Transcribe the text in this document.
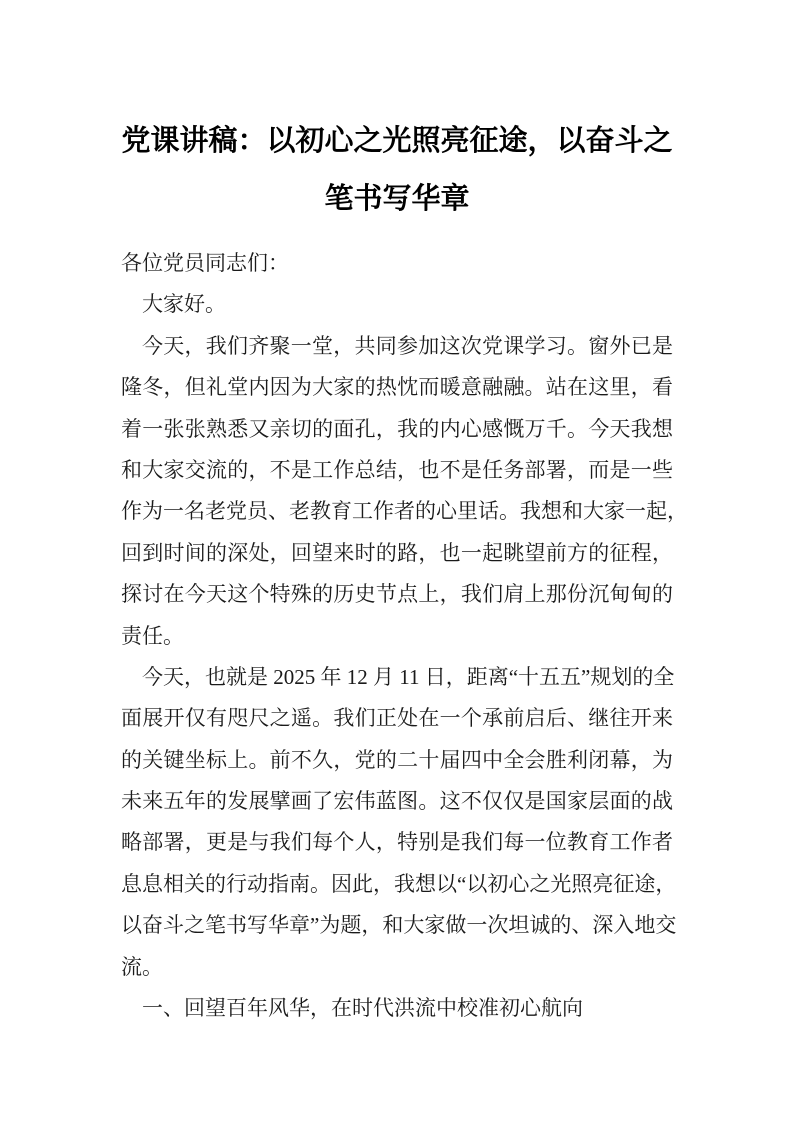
党课讲稿：以初心之光照亮征途，以奋斗之
笔书写华章
各位党员同志们：
大家好。
今天，我们齐聚一堂，共同参加这次党课学习。窗外已是
隆冬，但礼堂内因为大家的热忱而暖意融融。站在这里，看
着一张张熟悉又亲切的面孔，我的内心感慨万千。今天我想
和大家交流的，不是工作总结，也不是任务部署，而是一些
作为一名老党员、老教育工作者的心里话。我想和大家一起，
回到时间的深处，回望来时的路，也一起眺望前方的征程，
探讨在今天这个特殊的历史节点上，我们肩上那份沉甸甸的
责任。
今天，也就是 2025 年 12 月 11 日，距离“十五五”规划的全
面展开仅有咫尺之遥。我们正处在一个承前启后、继往开来
的关键坐标上。前不久，党的二十届四中全会胜利闭幕，为
未来五年的发展擘画了宏伟蓝图。这不仅仅是国家层面的战
略部署，更是与我们每个人，特别是我们每一位教育工作者
息息相关的行动指南。因此，我想以“以初心之光照亮征途，
以奋斗之笔书写华章”为题，和大家做一次坦诚的、深入地交
流。
一、回望百年风华，在时代洪流中校准初心航向
